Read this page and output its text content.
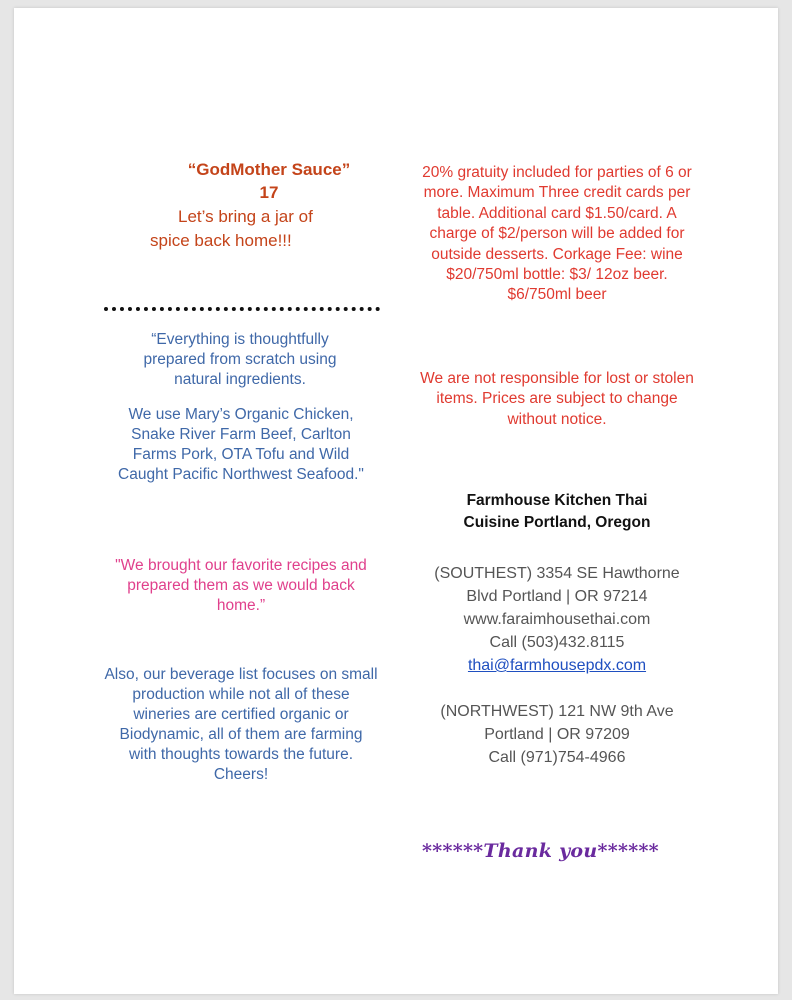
“GodMother Sauce”

17

Let’s bring a jar of

spice back home!!!

“Everything is thoughtfully prepared from scratch using natural ingredients.

We use Mary’s Organic Chicken, Snake River Farm Beef, Carlton Farms Pork, OTA Tofu and Wild Caught Pacific Northwest Seafood."

"We brought our favorite recipes and prepared them as we would back home.”

Also, our beverage list focuses on small production while not all of these wineries are certified organic or Biodynamic, all of them are farming with thoughts towards the future. Cheers!

20% gratuity included for parties of 6 or more. Maximum Three credit cards per table. Additional card $1.50/card. A charge of $2/person will be added for outside desserts. Corkage Fee: wine $20/750ml bottle: $3/ 12oz beer. $6/750ml beer

We are not responsible for lost or stolen items. Prices are subject to change without notice.

Farmhouse Kitchen Thai

Cuisine Portland, Oregon

(SOUTHEST) 3354 SE Hawthorne

Blvd Portland | OR 97214

www.faraimhousethai.com

Call (503)432.8115

thai@farmhousepdx.com

(NORTHWEST) 121 NW 9th Ave

Portland | OR 97209

Call (971)754-4966

******Thank you******
